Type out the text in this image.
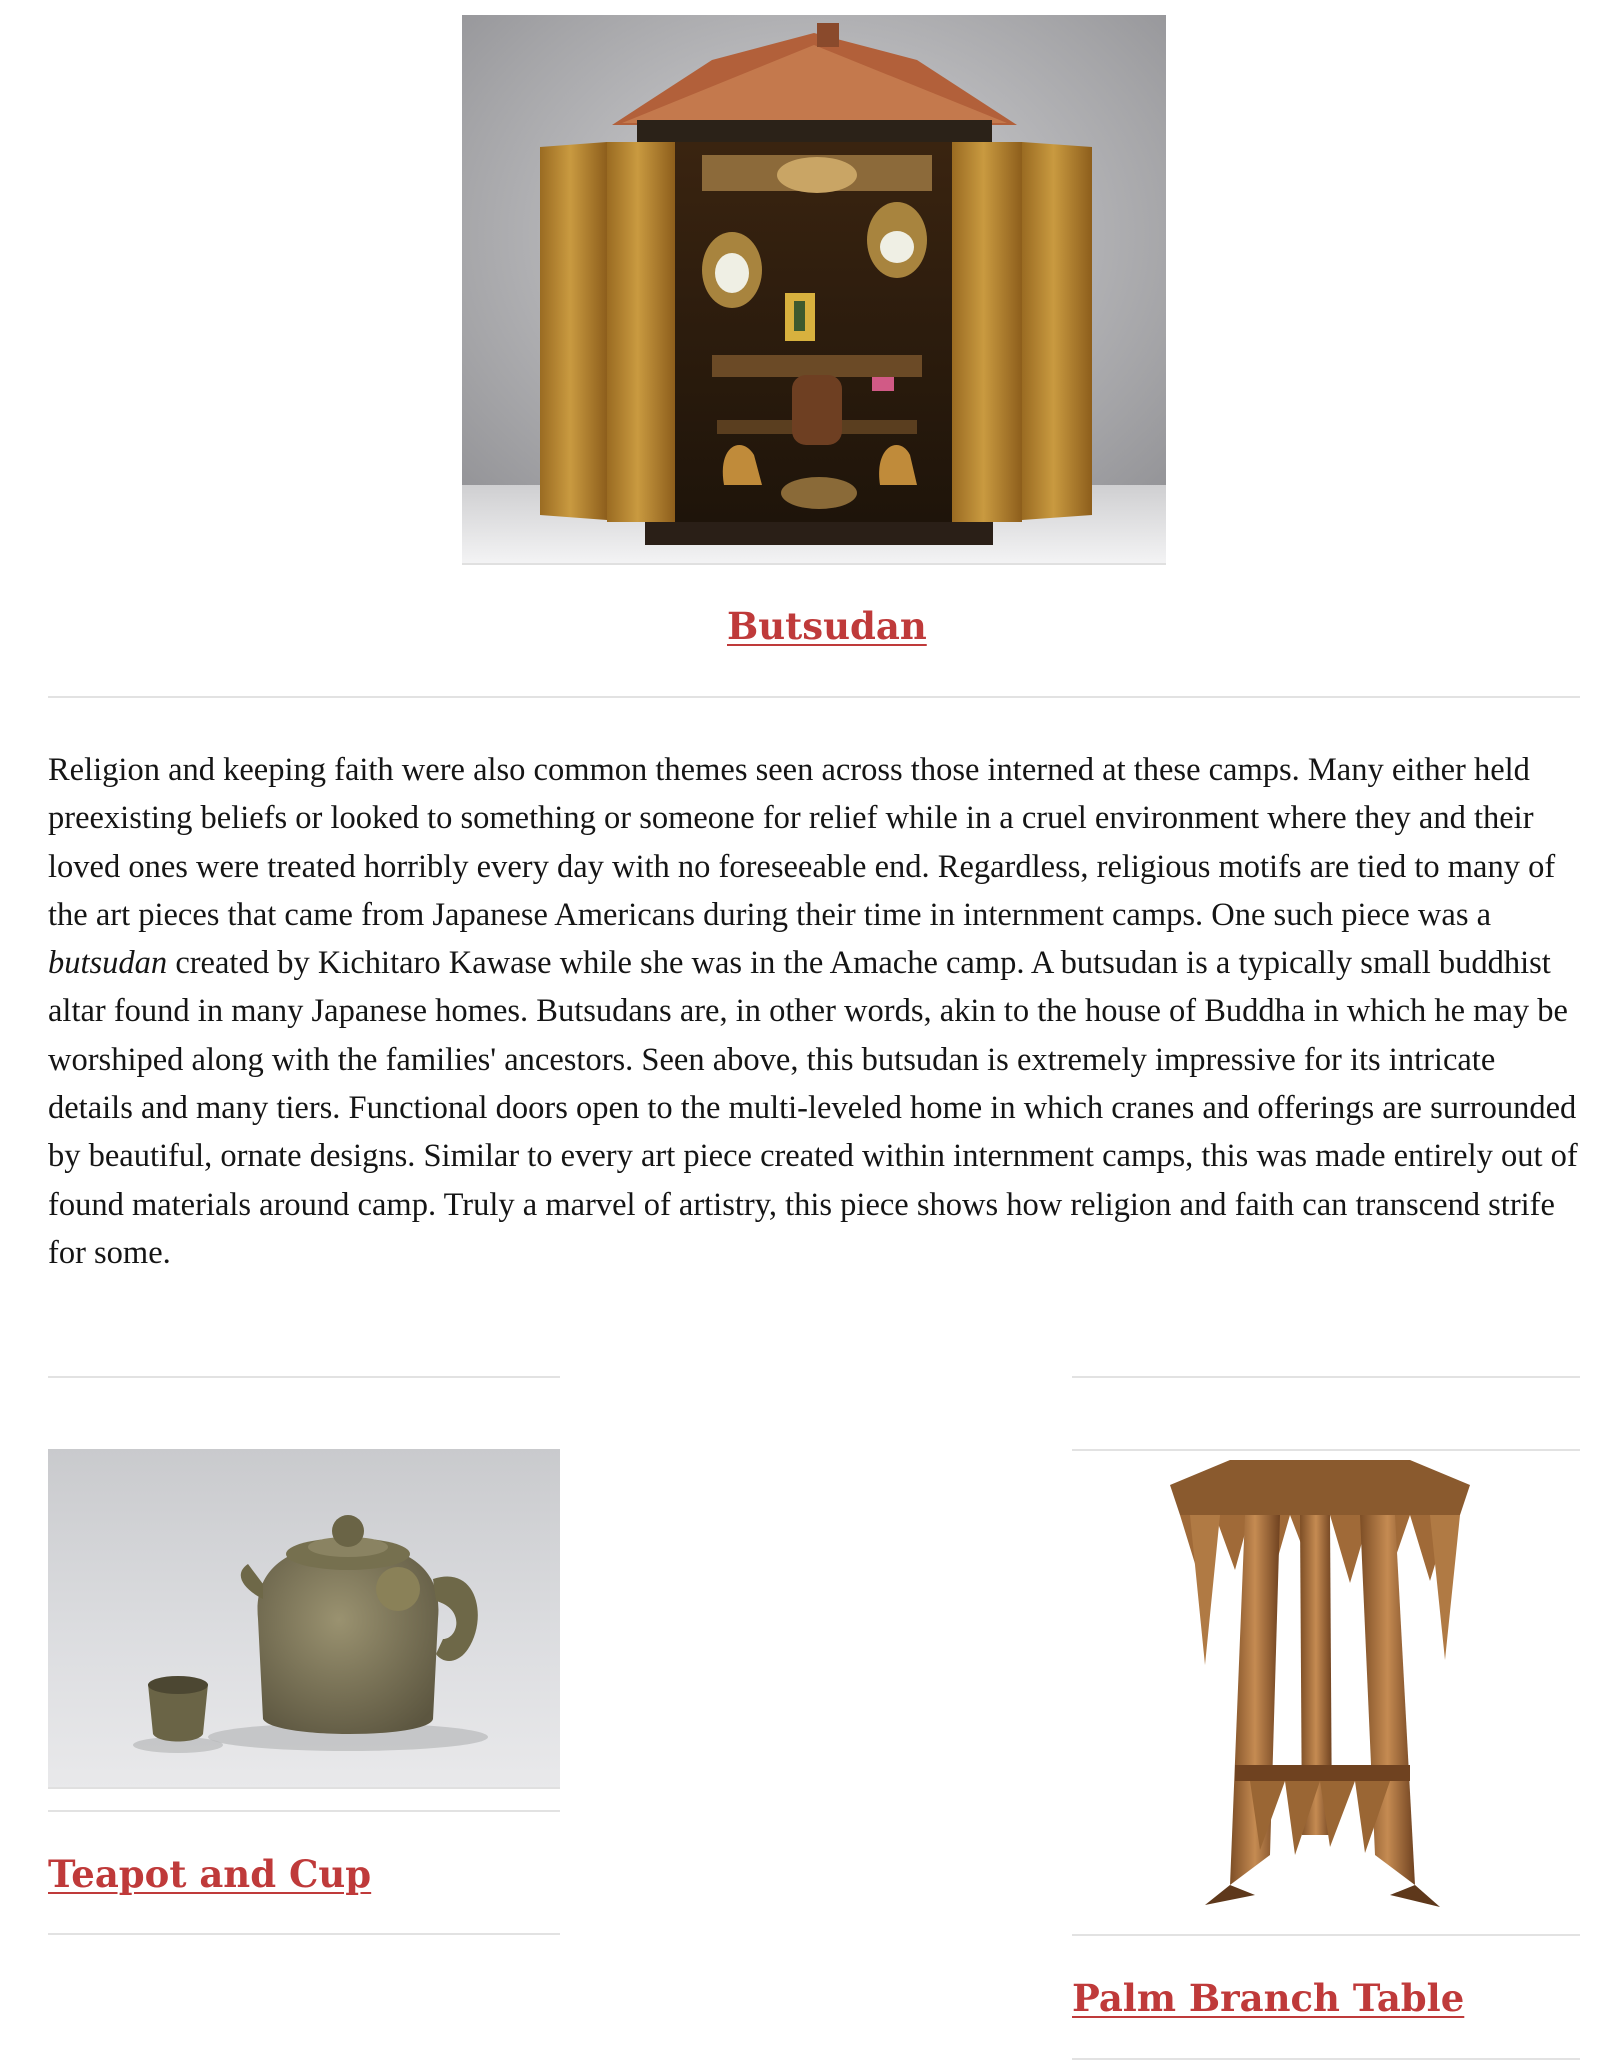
Butsudan

Religion and keeping faith were also common themes seen across those interned at these camps. Many either held preexisting beliefs or looked to something or someone for relief while in a cruel environment where they and their loved ones were treated horribly every day with no foreseeable end. Regardless, religious motifs are tied to many of the art pieces that came from Japanese Americans during their time in internment camps. One such piece was a butsudan created by Kichitaro Kawase while she was in the Amache camp. A butsudan is a typically small buddhist altar found in many Japanese homes. Butsudans are, in other words, akin to the house of Buddha in which he may be worshiped along with the families' ancestors. Seen above, this butsudan is extremely impressive for its intricate details and many tiers. Functional doors open to the multi-leveled home in which cranes and offerings are surrounded by beautiful, ornate designs. Similar to every art piece created within internment camps, this was made entirely out of found materials around camp. Truly a marvel of artistry, this piece shows how religion and faith can transcend strife for some.

Teapot and Cup
Palm Branch Table
